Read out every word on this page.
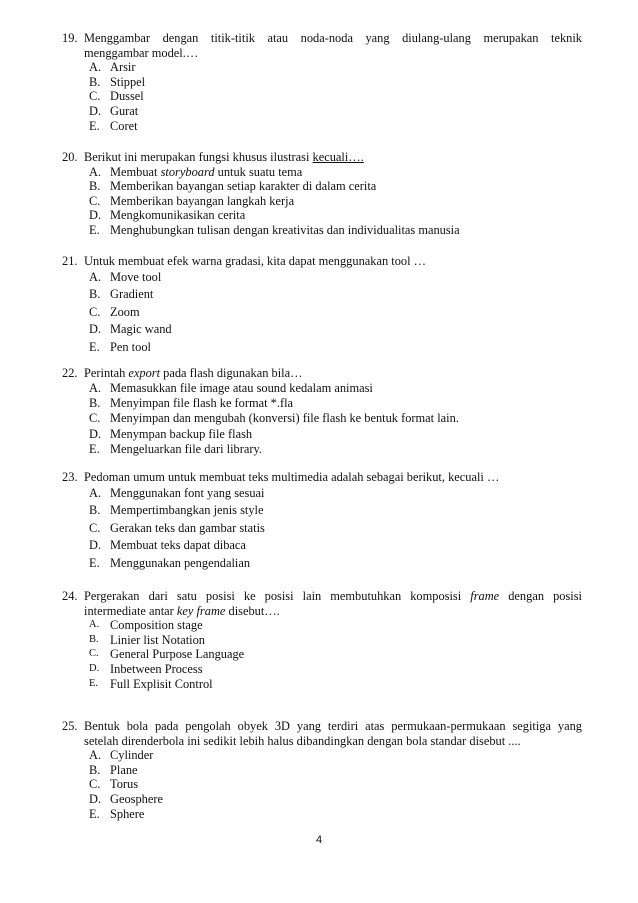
19. Menggambar dengan titik-titik atau noda-noda yang diulang-ulang merupakan teknik
menggambar model.…
A. Arsir
B. Stippel
C. Dussel
D. Gurat
E. Coret
20. Berikut ini merupakan fungsi khusus ilustrasi kecuali….
A. Membuat storyboard untuk suatu tema
B. Memberikan bayangan setiap karakter di dalam cerita
C. Memberikan bayangan langkah kerja
D. Mengkomunikasikan cerita
E. Menghubungkan tulisan dengan kreativitas dan individualitas manusia
21. Untuk membuat efek warna gradasi, kita dapat menggunakan tool …
A. Move tool
B. Gradient
C. Zoom
D. Magic wand
E. Pen tool
22. Perintah export pada flash digunakan bila…
A. Memasukkan file image atau sound kedalam animasi
B. Menyimpan file flash ke format *.fla
C. Menyimpan dan mengubah (konversi) file flash ke bentuk format lain.
D. Menympan backup file flash
E. Mengeluarkan file dari library.
23. Pedoman umum untuk membuat teks multimedia adalah sebagai berikut, kecuali …
A. Menggunakan font yang sesuai
B. Mempertimbangkan jenis style
C. Gerakan teks dan gambar statis
D. Membuat teks dapat dibaca
E. Menggunakan pengendalian
24. Pergerakan dari satu posisi ke posisi lain membutuhkan komposisi frame dengan posisi
intermediate antar key frame disebut….
A. Composition stage
B. Linier list Notation
C. General Purpose Language
D. Inbetween Process
E. Full Explisit Control
25. Bentuk bola pada pengolah obyek 3D yang terdiri atas permukaan-permukaan segitiga yang
setelah direnderbola ini sedikit lebih halus dibandingkan dengan bola standar disebut ....
A. Cylinder
B. Plane
C. Torus
D. Geosphere
E. Sphere
4
